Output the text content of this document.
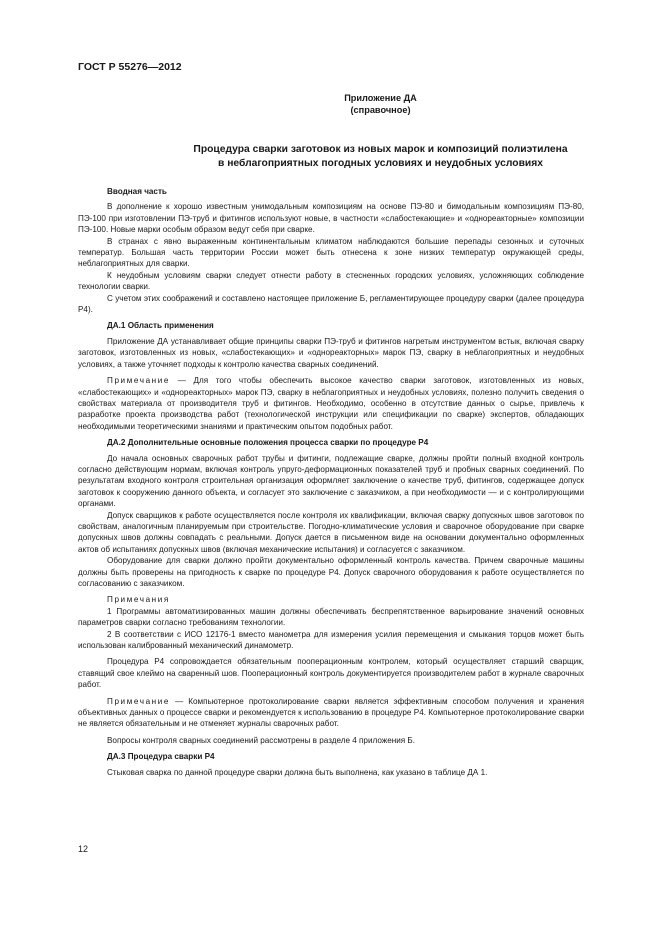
ГОСТ Р 55276—2012
Приложение ДА
(справочное)
Процедура сварки заготовок из новых марок и композиций полиэтилена
в неблагоприятных погодных условиях и неудобных условиях

Вводная часть

В дополнение к хорошо известным унимодальным композициям на основе ПЭ-80 и бимодальным композициям ПЭ-80, ПЭ-100 при изготовлении ПЭ-труб и фитингов используют новые, в частности «слабостекающие» и «однореакторные» композиции ПЭ-100. Новые марки особым образом ведут себя при сварке.

В странах с явно выраженным континентальным климатом наблюдаются большие перепады сезонных и суточных температур. Большая часть территории России может быть отнесена к зоне низких температур окружающей среды, неблагоприятных для сварки.

К неудобным условиям сварки следует отнести работу в стесненных городских условиях, усложняющих соблюдение технологии сварки.

С учетом этих соображений и составлено настоящее приложение Б, регламентирующее процедуру сварки (далее процедура Р4).

ДА.1 Область применения

Приложение ДА устанавливает общие принципы сварки ПЭ-труб и фитингов нагретым инструментом встык, включая сварку заготовок, изготовленных из новых, «слабостекающих» и «однореакторных» марок ПЭ, сварку в неблагоприятных и неудобных условиях, а также уточняет подходы к контролю качества сварных соединений.

Примечание — Для того чтобы обеспечить высокое качество сварки заготовок, изготовленных из новых, «слабостекающих» и «однореакторных» марок ПЭ, сварку в неблагоприятных и неудобных условиях, полезно получить сведения о свойствах материала от производителя труб и фитингов. Необходимо, особенно в отсутствие данных о сырье, привлечь к разработке проекта производства работ (технологической инструкции или спецификации по сварке) экспертов, обладающих необходимыми теоретическими знаниями и практическим опытом подобных работ.

ДА.2 Дополнительные основные положения процесса сварки по процедуре Р4

До начала основных сварочных работ трубы и фитинги, подлежащие сварке, должны пройти полный входной контроль согласно действующим нормам, включая контроль упруго-деформационных показателей труб и пробных сварных соединений. По результатам входного контроля строительная организация оформляет заключение о качестве труб, фитингов, содержащее допуск заготовок к сооружению данного объекта, и согласует это заключение с заказчиком, а при необходимости — и с контролирующими органами.

Допуск сварщиков к работе осуществляется после контроля их квалификации, включая сварку допускных швов заготовок по свойствам, аналогичным планируемым при строительстве. Погодно-климатические условия и сварочное оборудование при сварке допускных швов должны совпадать с реальными. Допуск дается в письменном виде на основании документально оформленных актов об испытаниях допускных швов (включая механические испытания) и согласуется с заказчиком.

Оборудование для сварки должно пройти документально оформленный контроль качества. Причем сварочные машины должны быть проверены на пригодность к сварке по процедуре Р4. Допуск сварочного оборудования к работе осуществляется по согласованию с заказчиком.

Примечания

1 Программы автоматизированных машин должны обеспечивать беспрепятственное варьирование значений основных параметров сварки согласно требованиям технологии.

2 В соответствии с ИСО 12176-1 вместо манометра для измерения усилия перемещения и смыкания торцов может быть использован калиброванный механический динамометр.

Процедура Р4 сопровождается обязательным пооперационным контролем, который осуществляет старший сварщик, ставящий свое клеймо на сваренный шов. Пооперационный контроль документируется производителем работ в журнале сварочных работ.

Примечание — Компьютерное протоколирование сварки является эффективным способом получения и хранения объективных данных о процессе сварки и рекомендуется к использованию в процедуре Р4. Компьютерное протоколирование сварки не является обязательным и не отменяет журналы сварочных работ.

Вопросы контроля сварных соединений рассмотрены в разделе 4 приложения Б.

ДА.3 Процедура сварки Р4

Стыковая сварка по данной процедуре сварки должна быть выполнена, как указано в таблице ДА 1.

12
